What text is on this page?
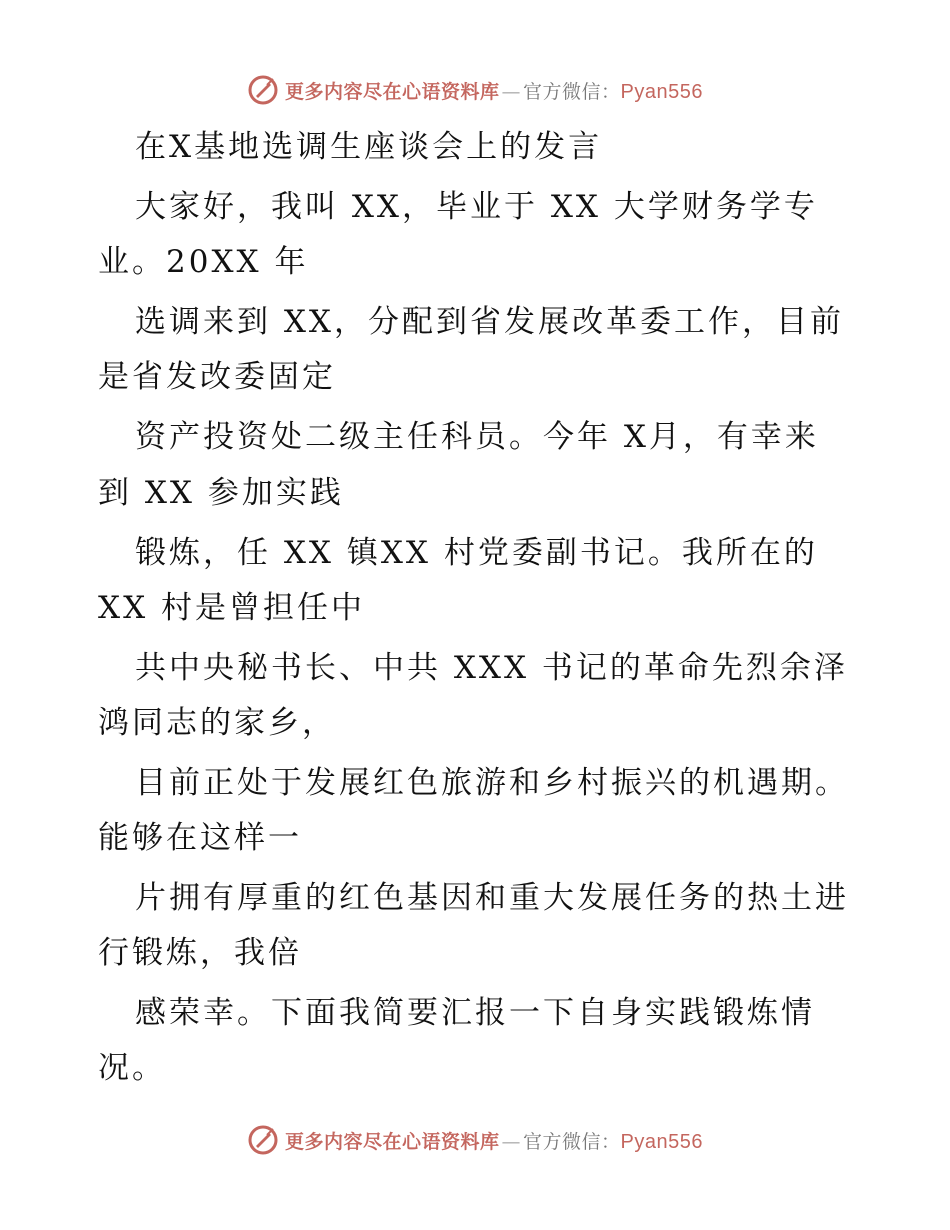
更多内容尽在心语资料库 — 官方微信： Pyan556
在X基地选调生座谈会上的发言
大家好，我叫 XX，毕业于 XX 大学财务学专
业。20XX 年
选调来到 XX，分配到省发展改革委工作，目前
是省发改委固定
资产投资处二级主任科员。今年 X月，有幸来
到 XX 参加实践
锻炼，任 XX 镇XX 村党委副书记。我所在的
XX 村是曾担任中
共中央秘书长、中共 XXX 书记的革命先烈余泽
鸿同志的家乡，
目前正处于发展红色旅游和乡村振兴的机遇期。
能够在这样一
片拥有厚重的红色基因和重大发展任务的热土进
行锻炼，我倍
感荣幸。下面我简要汇报一下自身实践锻炼情
况。
更多内容尽在心语资料库 — 官方微信： Pyan556
